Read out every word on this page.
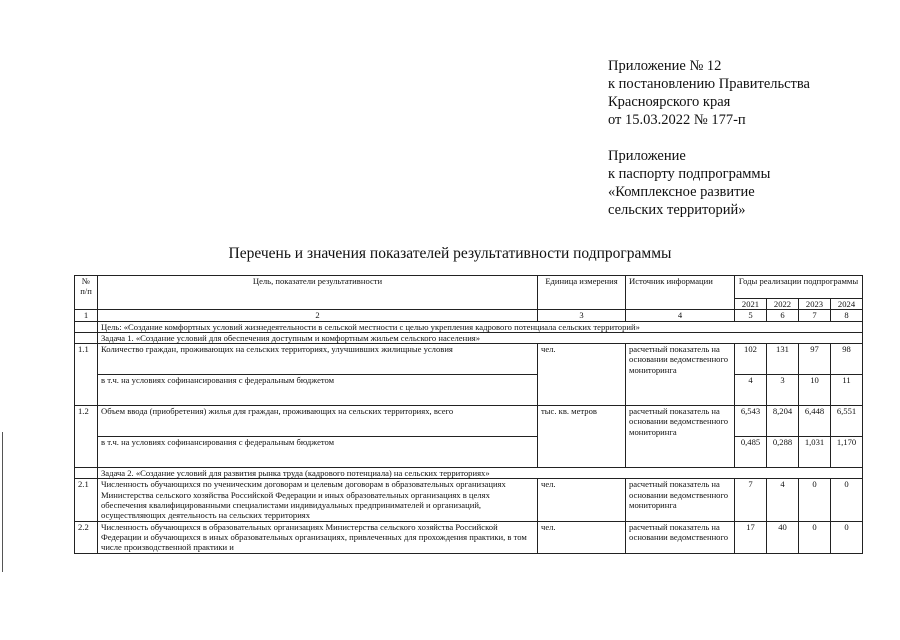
Приложение № 12
к постановлению Правительства
Красноярского края
от 15.03.2022 № 177-п
Приложение
к паспорту подпрограммы
«Комплексное развитие
сельских территорий»
Перечень и значения показателей результативности подпрограммы
№ п/п	Цель, показатели результативности	Единица измерения	Источник информации	Годы реализации подпрограммы			
				2021	2022	2023	2024
1	2	3	4	5	6	7	8
	Цель: «Создание комфортных условий жизнедеятельности в сельской местности с целью укрепления кадрового потенциала сельских территорий»						
	Задача 1. «Создание условий для обеспечения доступным и комфортным жильем сельского населения»						
1.1	Количество граждан, проживающих на сельских территориях, улучшивших жилищные условия	чел.	расчетный показатель на основании ведомственного мониторинга	102	131	97	98
	в т.ч. на условиях софинансирования с федеральным бюджетом			4	3	10	11
1.2	Объем ввода (приобретения) жилья для граждан, проживающих на сельских территориях, всего	тыс. кв. метров	расчетный показатель на основании ведомственного мониторинга	6,543	8,204	6,448	6,551
	в т.ч. на условиях софинансирования с федеральным бюджетом			0,485	0,288	1,031	1,170
	Задача 2. «Создание условий для развития рынка труда (кадрового потенциала) на сельских территориях»						
2.1	Численность обучающихся по ученическим договорам и целевым договорам в образовательных организациях Министерства сельского хозяйства Российской Федерации и иных образовательных организациях в целях обеспечения квалифицированными специалистами индивидуальных предпринимателей и организаций, осуществляющих деятельность на сельских территориях	чел.	расчетный показатель на основании ведомственного мониторинга	7	4	0	0
2.2	Численность обучающихся в образовательных организациях Министерства сельского хозяйства Российской Федерации и обучающихся в иных образовательных организациях, привлеченных для прохождения практики, в том числе производственной практики и	чел.	расчетный показатель на основании ведомственного	17	40	0	0
